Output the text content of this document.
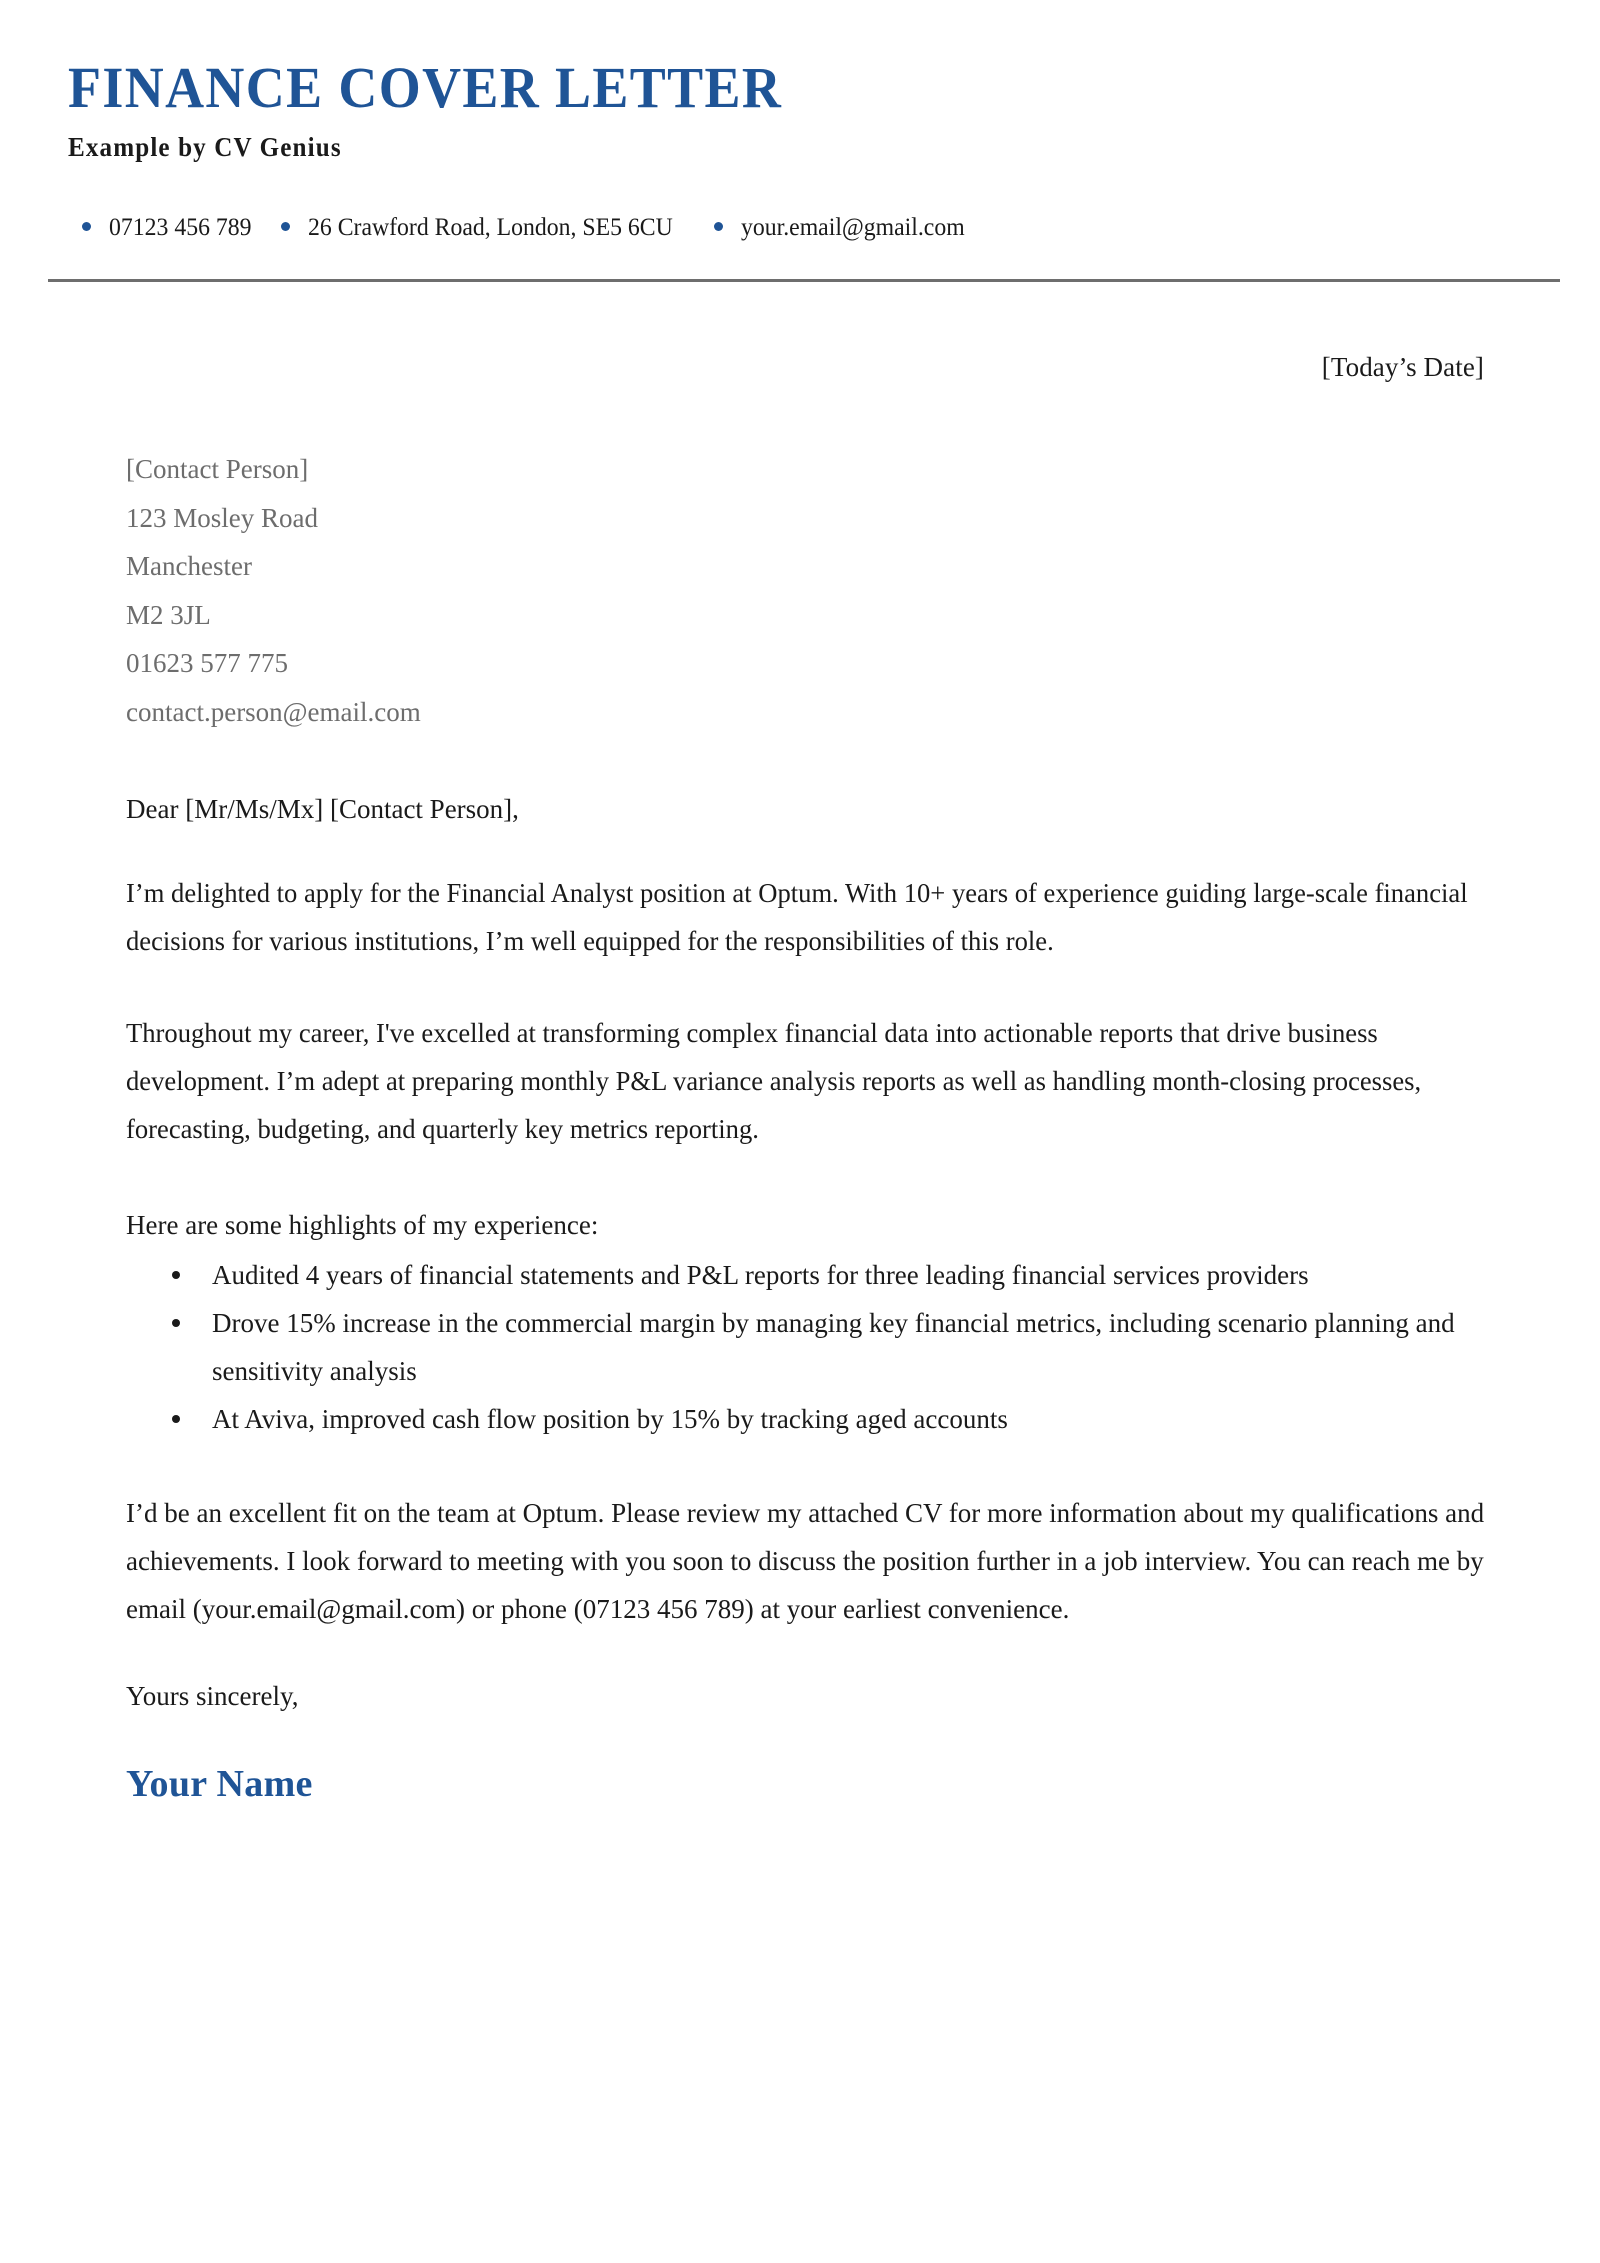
FINANCE COVER LETTER
Example by CV Genius
07123 456 789 26 Crawford Road, London, SE5 6CU	your.email@gmail.com
[Today’s Date]
[Contact Person]
123 Mosley Road
Manchester
M2 3JL
01623 577 775
contact.person@email.com
Dear [Mr/Ms/Mx] [Contact Person],

I’m delighted to apply for the Financial Analyst position at Optum. With 10+ years of experience guiding large-scale financial decisions for various institutions, I’m well equipped for the responsibilities of this role.

Throughout my career, I've excelled at transforming complex financial data into actionable reports that drive business development. I’m adept at preparing monthly P&L variance analysis reports as well as handling month-closing processes, forecasting, budgeting, and quarterly key metrics reporting.

Here are some highlights of my experience:
Audited 4 years of financial statements and P&L reports for three leading financial services providers
Drove 15% increase in the commercial margin by managing key financial metrics, including scenario planning and sensitivity analysis
At Aviva, improved cash flow position by 15% by tracking aged accounts

I’d be an excellent fit on the team at Optum. Please review my attached CV for more information about my qualifications and achievements. I look forward to meeting with you soon to discuss the position further in a job interview. You can reach me by email (your.email@gmail.com) or phone (07123 456 789) at your earliest convenience.

Yours sincerely,
Your Name
